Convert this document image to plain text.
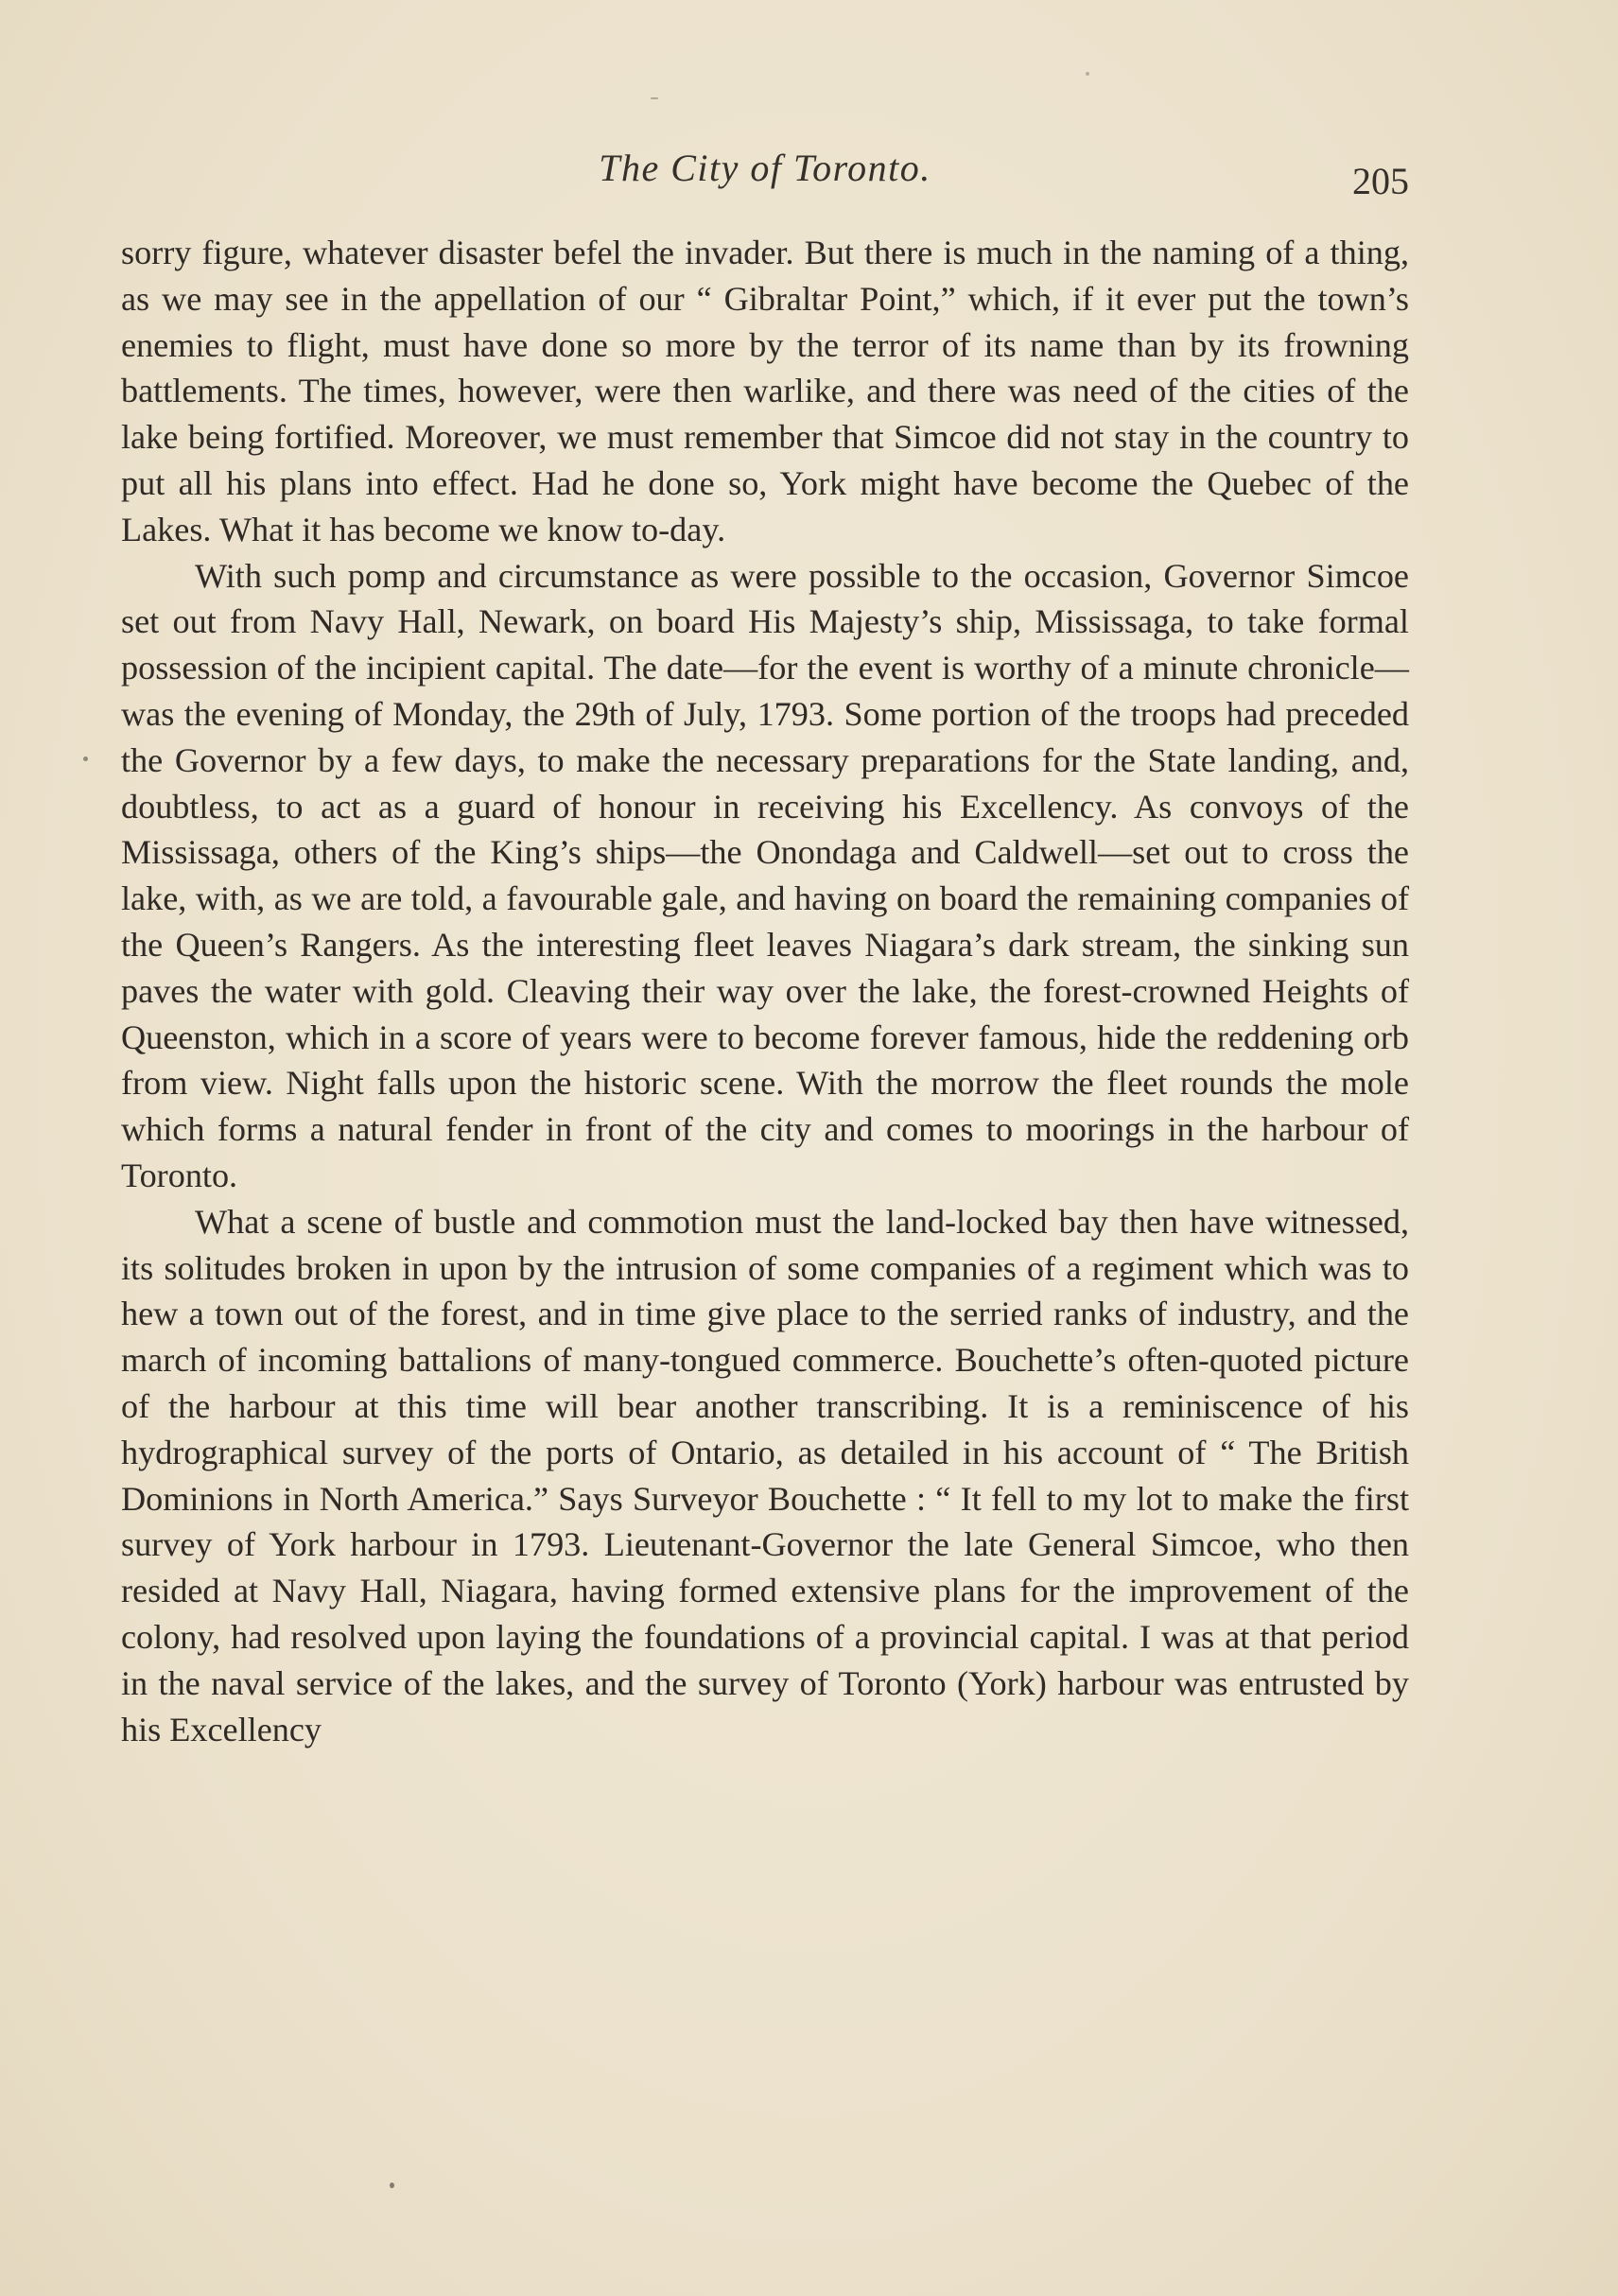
The City of Toronto.	205

sorry figure, whatever disaster befel the invader. But there is much in the naming of a thing, as we may see in the appellation of our “ Gibraltar Point,” which, if it ever put the town’s enemies to flight, must have done so more by the terror of its name than by its frowning battlements. The times, however, were then warlike, and there was need of the cities of the lake being fortified. Moreover, we must remember that Simcoe did not stay in the country to put all his plans into effect. Had he done so, York might have become the Quebec of the Lakes. What it has become we know to-day.

With such pomp and circumstance as were possible to the occasion, Governor Simcoe set out from Navy Hall, Newark, on board His Majesty’s ship, Mississaga, to take formal possession of the incipient capital. The date—for the event is worthy of a minute chronicle—was the evening of Monday, the 29th of July, 1793. Some portion of the troops had preceded the Governor by a few days, to make the necessary preparations for the State landing, and, doubtless, to act as a guard of honour in receiving his Excellency. As convoys of the Mississaga, others of the King’s ships—the Onondaga and Caldwell—set out to cross the lake, with, as we are told, a favourable gale, and having on board the remaining companies of the Queen’s Rangers. As the interesting fleet leaves Niagara’s dark stream, the sinking sun paves the water with gold. Cleaving their way over the lake, the forest-crowned Heights of Queenston, which in a score of years were to become forever famous, hide the reddening orb from view. Night falls upon the historic scene. With the morrow the fleet rounds the mole which forms a natural fender in front of the city and comes to moorings in the harbour of Toronto.

What a scene of bustle and commotion must the land-locked bay then have witnessed, its solitudes broken in upon by the intrusion of some companies of a regiment which was to hew a town out of the forest, and in time give place to the serried ranks of industry, and the march of incoming battalions of many-tongued commerce. Bouchette’s often-quoted picture of the harbour at this time will bear another transcribing. It is a reminiscence of his hydrographical survey of the ports of Ontario, as detailed in his account of “ The British Dominions in North America.” Says Surveyor Bouchette : “ It fell to my lot to make the first survey of York harbour in 1793. Lieutenant-Governor the late General Simcoe, who then resided at Navy Hall, Niagara, having formed extensive plans for the improvement of the colony, had resolved upon laying the foundations of a provincial capital. I was at that period in the naval service of the lakes, and the survey of Toronto (York) harbour was entrusted by his Excellency
